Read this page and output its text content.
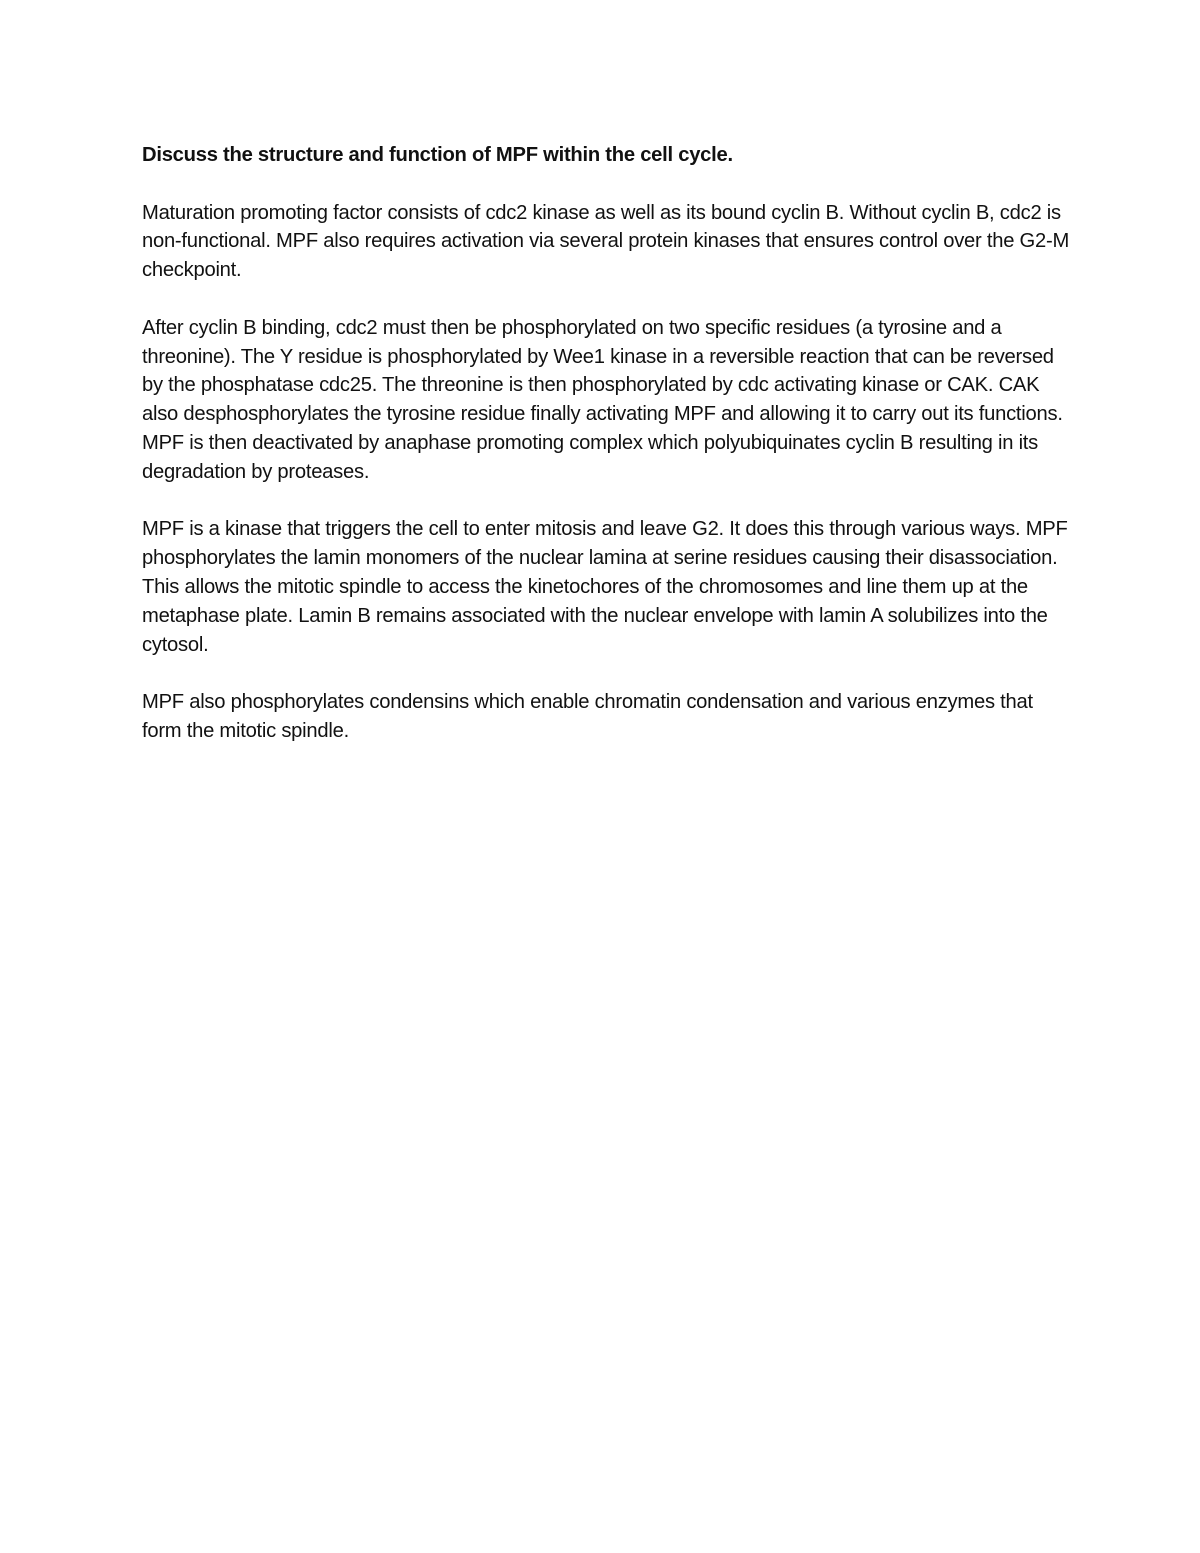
Discuss the structure and function of MPF within the cell cycle.

Maturation promoting factor consists of cdc2 kinase as well as its bound cyclin B. Without cyclin B, cdc2 is non-functional. MPF also requires activation via several protein kinases that ensures control over the G2-M checkpoint.

After cyclin B binding, cdc2 must then be phosphorylated on two specific residues (a tyrosine and a threonine). The Y residue is phosphorylated by Wee1 kinase in a reversible reaction that can be reversed by the phosphatase cdc25. The threonine is then phosphorylated by cdc activating kinase or CAK. CAK also desphosphorylates the tyrosine residue finally activating MPF and allowing it to carry out its functions. MPF is then deactivated by anaphase promoting complex which polyubiquinates cyclin B resulting in its degradation by proteases.

MPF is a kinase that triggers the cell to enter mitosis and leave G2. It does this through various ways. MPF phosphorylates the lamin monomers of the nuclear lamina at serine residues causing their disassociation. This allows the mitotic spindle to access the kinetochores of the chromosomes and line them up at the metaphase plate. Lamin B remains associated with the nuclear envelope with lamin A solubilizes into the cytosol.

MPF also phosphorylates condensins which enable chromatin condensation and various enzymes that form the mitotic spindle.
